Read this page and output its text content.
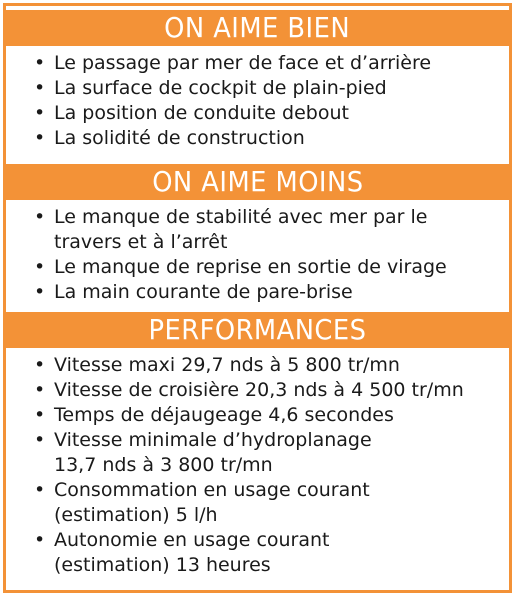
ON AIME BIEN
• Le passage par mer de face et d’arrière
• La surface de cockpit de plain-pied
• La position de conduite debout
• La solidité de construction
ON AIME MOINS
• Le manque de stabilité avec mer par le
travers et à l’arrêt
• Le manque de reprise en sortie de virage
• La main courante de pare-brise
PERFORMANCES
• Vitesse maxi 29,7 nds à 5 800 tr/mn
• Vitesse de croisière 20,3 nds à 4 500 tr/mn
• Temps de déjaugeage 4,6 secondes
• Vitesse minimale d’hydroplanage
13,7 nds à 3 800 tr/mn
• Consommation en usage courant
(estimation) 5 l/h
• Autonomie en usage courant
(estimation) 13 heures
